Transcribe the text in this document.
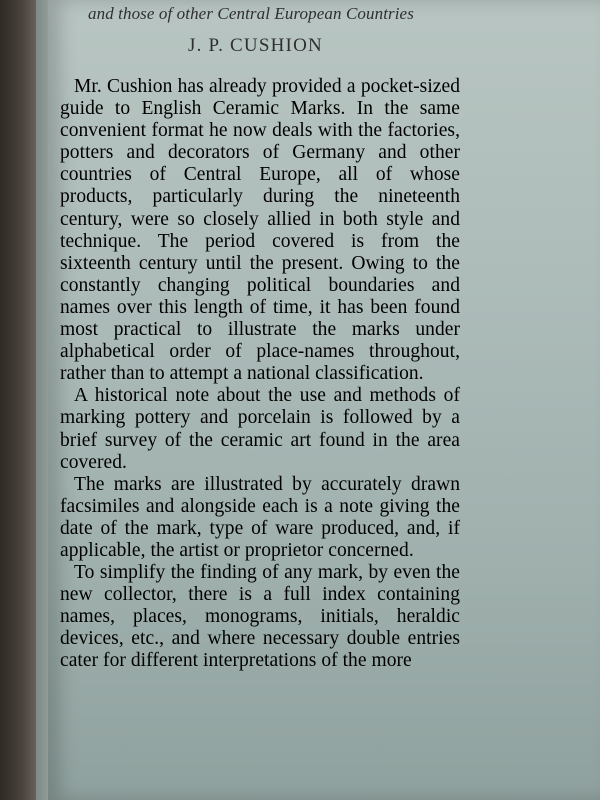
and those of other Central European Countries
J. P. CUSHION

Mr. Cushion has already provided a pocket-sized guide to English Ceramic Marks. In the same convenient format he now deals with the factories, potters and decorators of Germany and other countries of Central Europe, all of whose products, particularly during the nineteenth century, were so closely allied in both style and technique. The period covered is from the sixteenth century until the present. Owing to the constantly changing political boundaries and names over this length of time, it has been found most practical to illustrate the marks under alphabetical order of place-names throughout, rather than to attempt a national classification.

A historical note about the use and methods of marking pottery and porcelain is followed by a brief survey of the ceramic art found in the area covered.

The marks are illustrated by accurately drawn facsimiles and alongside each is a note giving the date of the mark, type of ware produced, and, if applicable, the artist or proprietor concerned.

To simplify the finding of any mark, by even the new collector, there is a full index containing names, places, monograms, initials, heraldic devices, etc., and where necessary double entries cater for different interpretations of the more
